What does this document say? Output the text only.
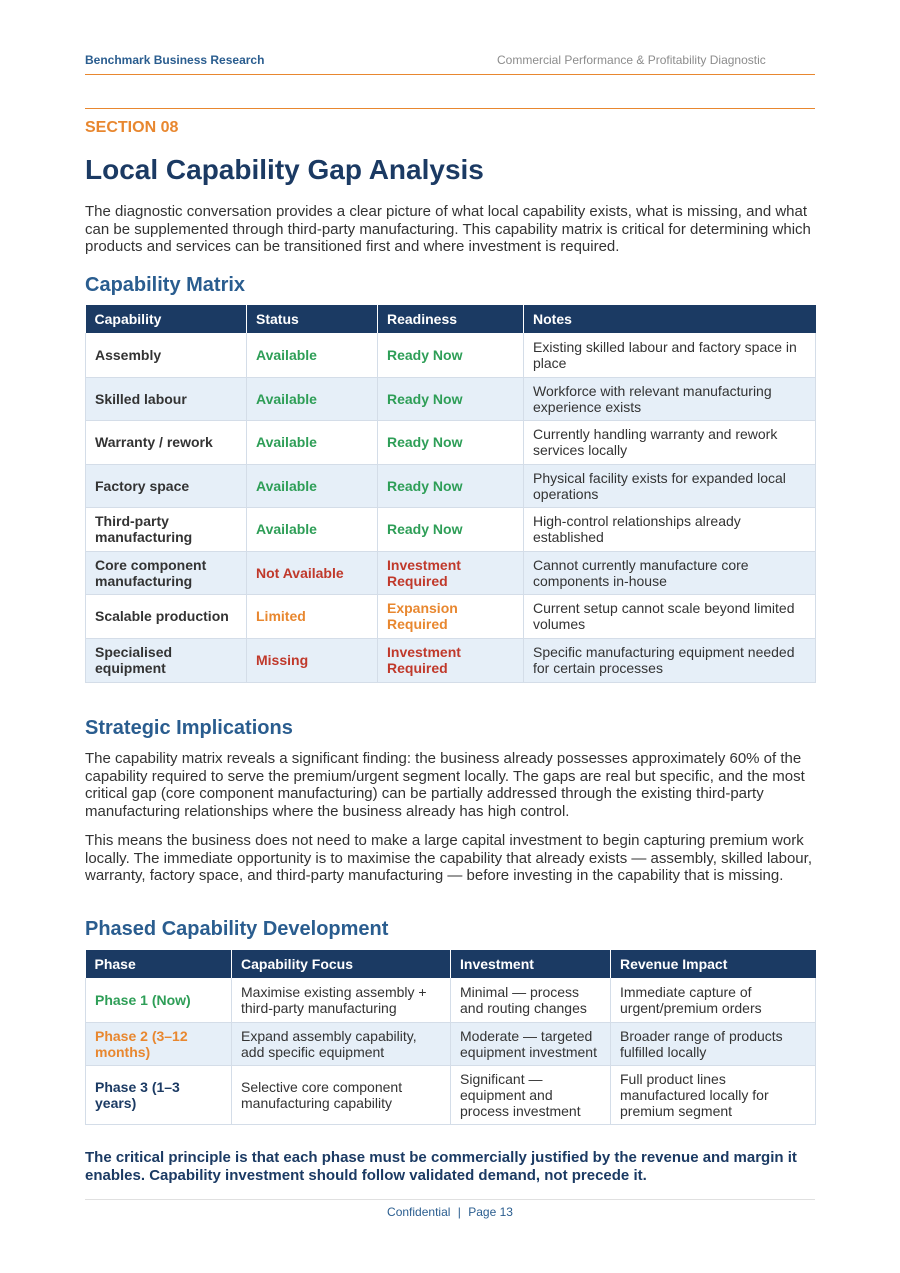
Benchmark Business Research	Commercial Performance & Profitability Diagnostic
SECTION 08
Local Capability Gap Analysis

The diagnostic conversation provides a clear picture of what local capability exists, what is missing, and what can be supplemented through third-party manufacturing. This capability matrix is critical for determining which products and services can be transitioned first and where investment is required.

Capability Matrix
Capability	Status	Readiness	Notes
Assembly	Available	Ready Now	Existing skilled labour and factory space in place
Skilled labour	Available	Ready Now	Workforce with relevant manufacturing experience exists
Warranty / rework	Available	Ready Now	Currently handling warranty and rework services locally
Factory space	Available	Ready Now	Physical facility exists for expanded local operations
Third-party manufacturing	Available	Ready Now	High-control relationships already established
Core component manufacturing	Not Available	Investment Required	Cannot currently manufacture core components in-house
Scalable production	Limited	Expansion Required	Current setup cannot scale beyond limited volumes
Specialised equipment	Missing	Investment Required	Specific manufacturing equipment needed for certain processes
Strategic Implications

The capability matrix reveals a significant finding: the business already possesses approximately 60% of the capability required to serve the premium/urgent segment locally. The gaps are real but specific, and the most critical gap (core component manufacturing) can be partially addressed through the existing third-party manufacturing relationships where the business already has high control.

This means the business does not need to make a large capital investment to begin capturing premium work locally. The immediate opportunity is to maximise the capability that already exists — assembly, skilled labour, warranty, factory space, and third-party manufacturing — before investing in the capability that is missing.

Phased Capability Development
Phase	Capability Focus	Investment	Revenue Impact
Phase 1 (Now)	Maximise existing assembly + third-party manufacturing	Minimal — process and routing changes	Immediate capture of urgent/premium orders
Phase 2 (3–12 months)	Expand assembly capability, add specific equipment	Moderate — targeted equipment investment	Broader range of products fulfilled locally
Phase 3 (1–3 years)	Selective core component manufacturing capability	Significant — equipment and process investment	Full product lines manufactured locally for premium segment

The critical principle is that each phase must be commercially justified by the revenue and margin it enables. Capability investment should follow validated demand, not precede it.

Confidential | Page 13
